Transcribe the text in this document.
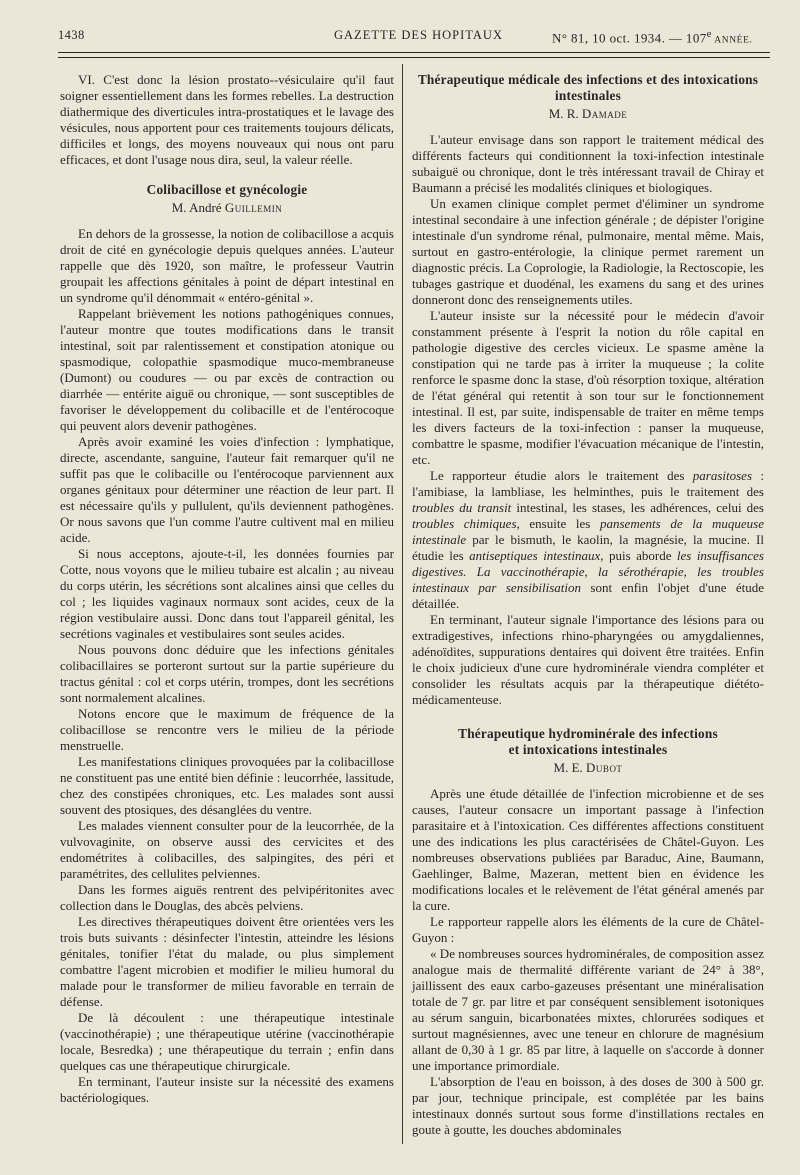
1438	GAZETTE DES HOPITAUX	N° 81, 10 oct. 1934. — 107e ANNÉE.

VI. C'est donc la lésion prostato--vésiculaire qu'il faut soigner essentiellement dans les formes rebelles. La destruction diathermique des diverticules intra-prostatiques et le lavage des vésicules, nous apportent pour ces traitements toujours délicats, difficiles et longs, des moyens nouveaux qui nous ont paru efficaces, et dont l'usage nous dira, seul, la valeur réelle.

Colibacillose et gynécologie
M. André Guillemin

En dehors de la grossesse, la notion de colibacillose a acquis droit de cité en gynécologie depuis quelques années. L'auteur rappelle que dès 1920, son maître, le professeur Vautrin groupait les affections génitales à point de départ intestinal en un syndrome qu'il dénommait « entéro-génital ».

Rappelant brièvement les notions pathogéniques connues, l'auteur montre que toutes modifications dans le transit intestinal, soit par ralentissement et constipation atonique ou spasmodique, colopathie spasmodique muco-membraneuse (Dumont) ou coudures — ou par excès de contraction ou diarrhée — entérite aiguë ou chronique, — sont susceptibles de favoriser le développement du colibacille et de l'entérocoque qui peuvent alors devenir pathogènes.

Après avoir examiné les voies d'infection : lymphatique, directe, ascendante, sanguine, l'auteur fait remarquer qu'il ne suffit pas que le colibacille ou l'entérocoque parviennent aux organes génitaux pour déterminer une réaction de leur part. Il est nécessaire qu'ils y pullulent, qu'ils deviennent pathogènes. Or nous savons que l'un comme l'autre cultivent mal en milieu acide.

Si nous acceptons, ajoute-t-il, les données fournies par Cotte, nous voyons que le milieu tubaire est alcalin ; au niveau du corps utérin, les sécrétions sont alcalines ainsi que celles du col ; les liquides vaginaux normaux sont acides, ceux de la région vestibulaire aussi. Donc dans tout l'appareil génital, les secrétions vaginales et vestibulaires sont seules acides.

Nous pouvons donc déduire que les infections génitales colibacillaires se porteront surtout sur la partie supérieure du tractus génital : col et corps utérin, trompes, dont les secrétions sont normalement alcalines.

Notons encore que le maximum de fréquence de la colibacillose se rencontre vers le milieu de la période menstruelle.

Les manifestations cliniques provoquées par la colibacillose ne constituent pas une entité bien définie : leucorrhée, lassitude, chez des constipées chroniques, etc. Les malades sont aussi souvent des ptosiques, des désanglées du ventre.

Les malades viennent consulter pour de la leucorrhée, de la vulvovaginite, on observe aussi des cervicites et des endométrites à colibacilles, des salpingites, des péri et paramétrites, des cellulites pelviennes.

Dans les formes aiguës rentrent des pelvipéritonites avec collection dans le Douglas, des abcès pelviens.

Les directives thérapeutiques doivent être orientées vers les trois buts suivants : désinfecter l'intestin, atteindre les lésions génitales, tonifier l'état du malade, ou plus simplement combattre l'agent microbien et modifier le milieu humoral du malade pour le transformer de milieu favorable en terrain de défense.

De là découlent : une thérapeutique intestinale (vaccinothérapie) ; une thérapeutique utérine (vaccinothérapie locale, Besredka) ; une thérapeutique du terrain ; enfin dans quelques cas une thérapeutique chirurgicale.

En terminant, l'auteur insiste sur la nécessité des examens bactériologiques.

Thérapeutique médicale des infections et des intoxications
intestinales
M. R. Damade

L'auteur envisage dans son rapport le traitement médical des différents facteurs qui conditionnent la toxi-infection intestinale subaiguë ou chronique, dont le très intéressant travail de Chiray et Baumann a précisé les modalités cliniques et biologiques.

Un examen clinique complet permet d'éliminer un syndrome intestinal secondaire à une infection générale ; de dépister l'origine intestinale d'un syndrome rénal, pulmonaire, mental même. Mais, surtout en gastro-entérologie, la clinique permet rarement un diagnostic précis. La Coprologie, la Radiologie, la Rectoscopie, les tubages gastrique et duodénal, les examens du sang et des urines donneront donc des renseignements utiles.

L'auteur insiste sur la nécessité pour le médecin d'avoir constamment présente à l'esprit la notion du rôle capital en pathologie digestive des cercles vicieux. Le spasme amène la constipation qui ne tarde pas à irriter la muqueuse ; la colite renforce le spasme donc la stase, d'où résorption toxique, altération de l'état général qui retentit à son tour sur le fonctionnement intestinal. Il est, par suite, indispensable de traiter en même temps les divers facteurs de la toxi-infection : panser la muqueuse, combattre le spasme, modifier l'évacuation mécanique de l'intestin, etc.

Le rapporteur étudie alors le traitement des parasitoses : l'amibiase, la lambliase, les helminthes, puis le traitement des troubles du transit intestinal, les stases, les adhérences, celui des troubles chimiques, ensuite les pansements de la muqueuse intestinale par le bismuth, le kaolin, la magnésie, la mucine. Il étudie les antiseptiques intestinaux, puis aborde les insuffisances digestives. La vaccinothérapie, la sérothérapie, les troubles intestinaux par sensibilisation sont enfin l'objet d'une étude détaillée.

En terminant, l'auteur signale l'importance des lésions para ou extradigestives, infections rhino-pharyngées ou amygdaliennes, adénoïdites, suppurations dentaires qui doivent être traitées. Enfin le choix judicieux d'une cure hydrominérale viendra compléter et consolider les résultats acquis par la thérapeutique diététo-médicamenteuse.

Thérapeutique hydrominérale des infections
et intoxications intestinales
M. E. Dubot

Après une étude détaillée de l'infection microbienne et de ses causes, l'auteur consacre un important passage à l'infection parasitaire et à l'intoxication. Ces différentes affections constituent une des indications les plus caractérisées de Châtel-Guyon. Les nombreuses observations publiées par Baraduc, Aine, Baumann, Gaehlinger, Balme, Mazeran, mettent bien en évidence les modifications locales et le relèvement de l'état général amenés par la cure.

Le rapporteur rappelle alors les éléments de la cure de Châtel-Guyon :

« De nombreuses sources hydrominérales, de composition assez analogue mais de thermalité différente variant de 24° à 38°, jaillissent des eaux carbo-gazeuses présentant une minéralisation totale de 7 gr. par litre et par conséquent sensiblement isotoniques au sérum sanguin, bicarbonatées mixtes, chlorurées sodiques et surtout magnésiennes, avec une teneur en chlorure de magnésium allant de 0,30 à 1 gr. 85 par litre, à laquelle on s'accorde à donner une importance primordiale.

L'absorption de l'eau en boisson, à des doses de 300 à 500 gr. par jour, technique principale, est complétée par les bains intestinaux donnés surtout sous forme d'instillations rectales en goute à goutte, les douches abdominales
